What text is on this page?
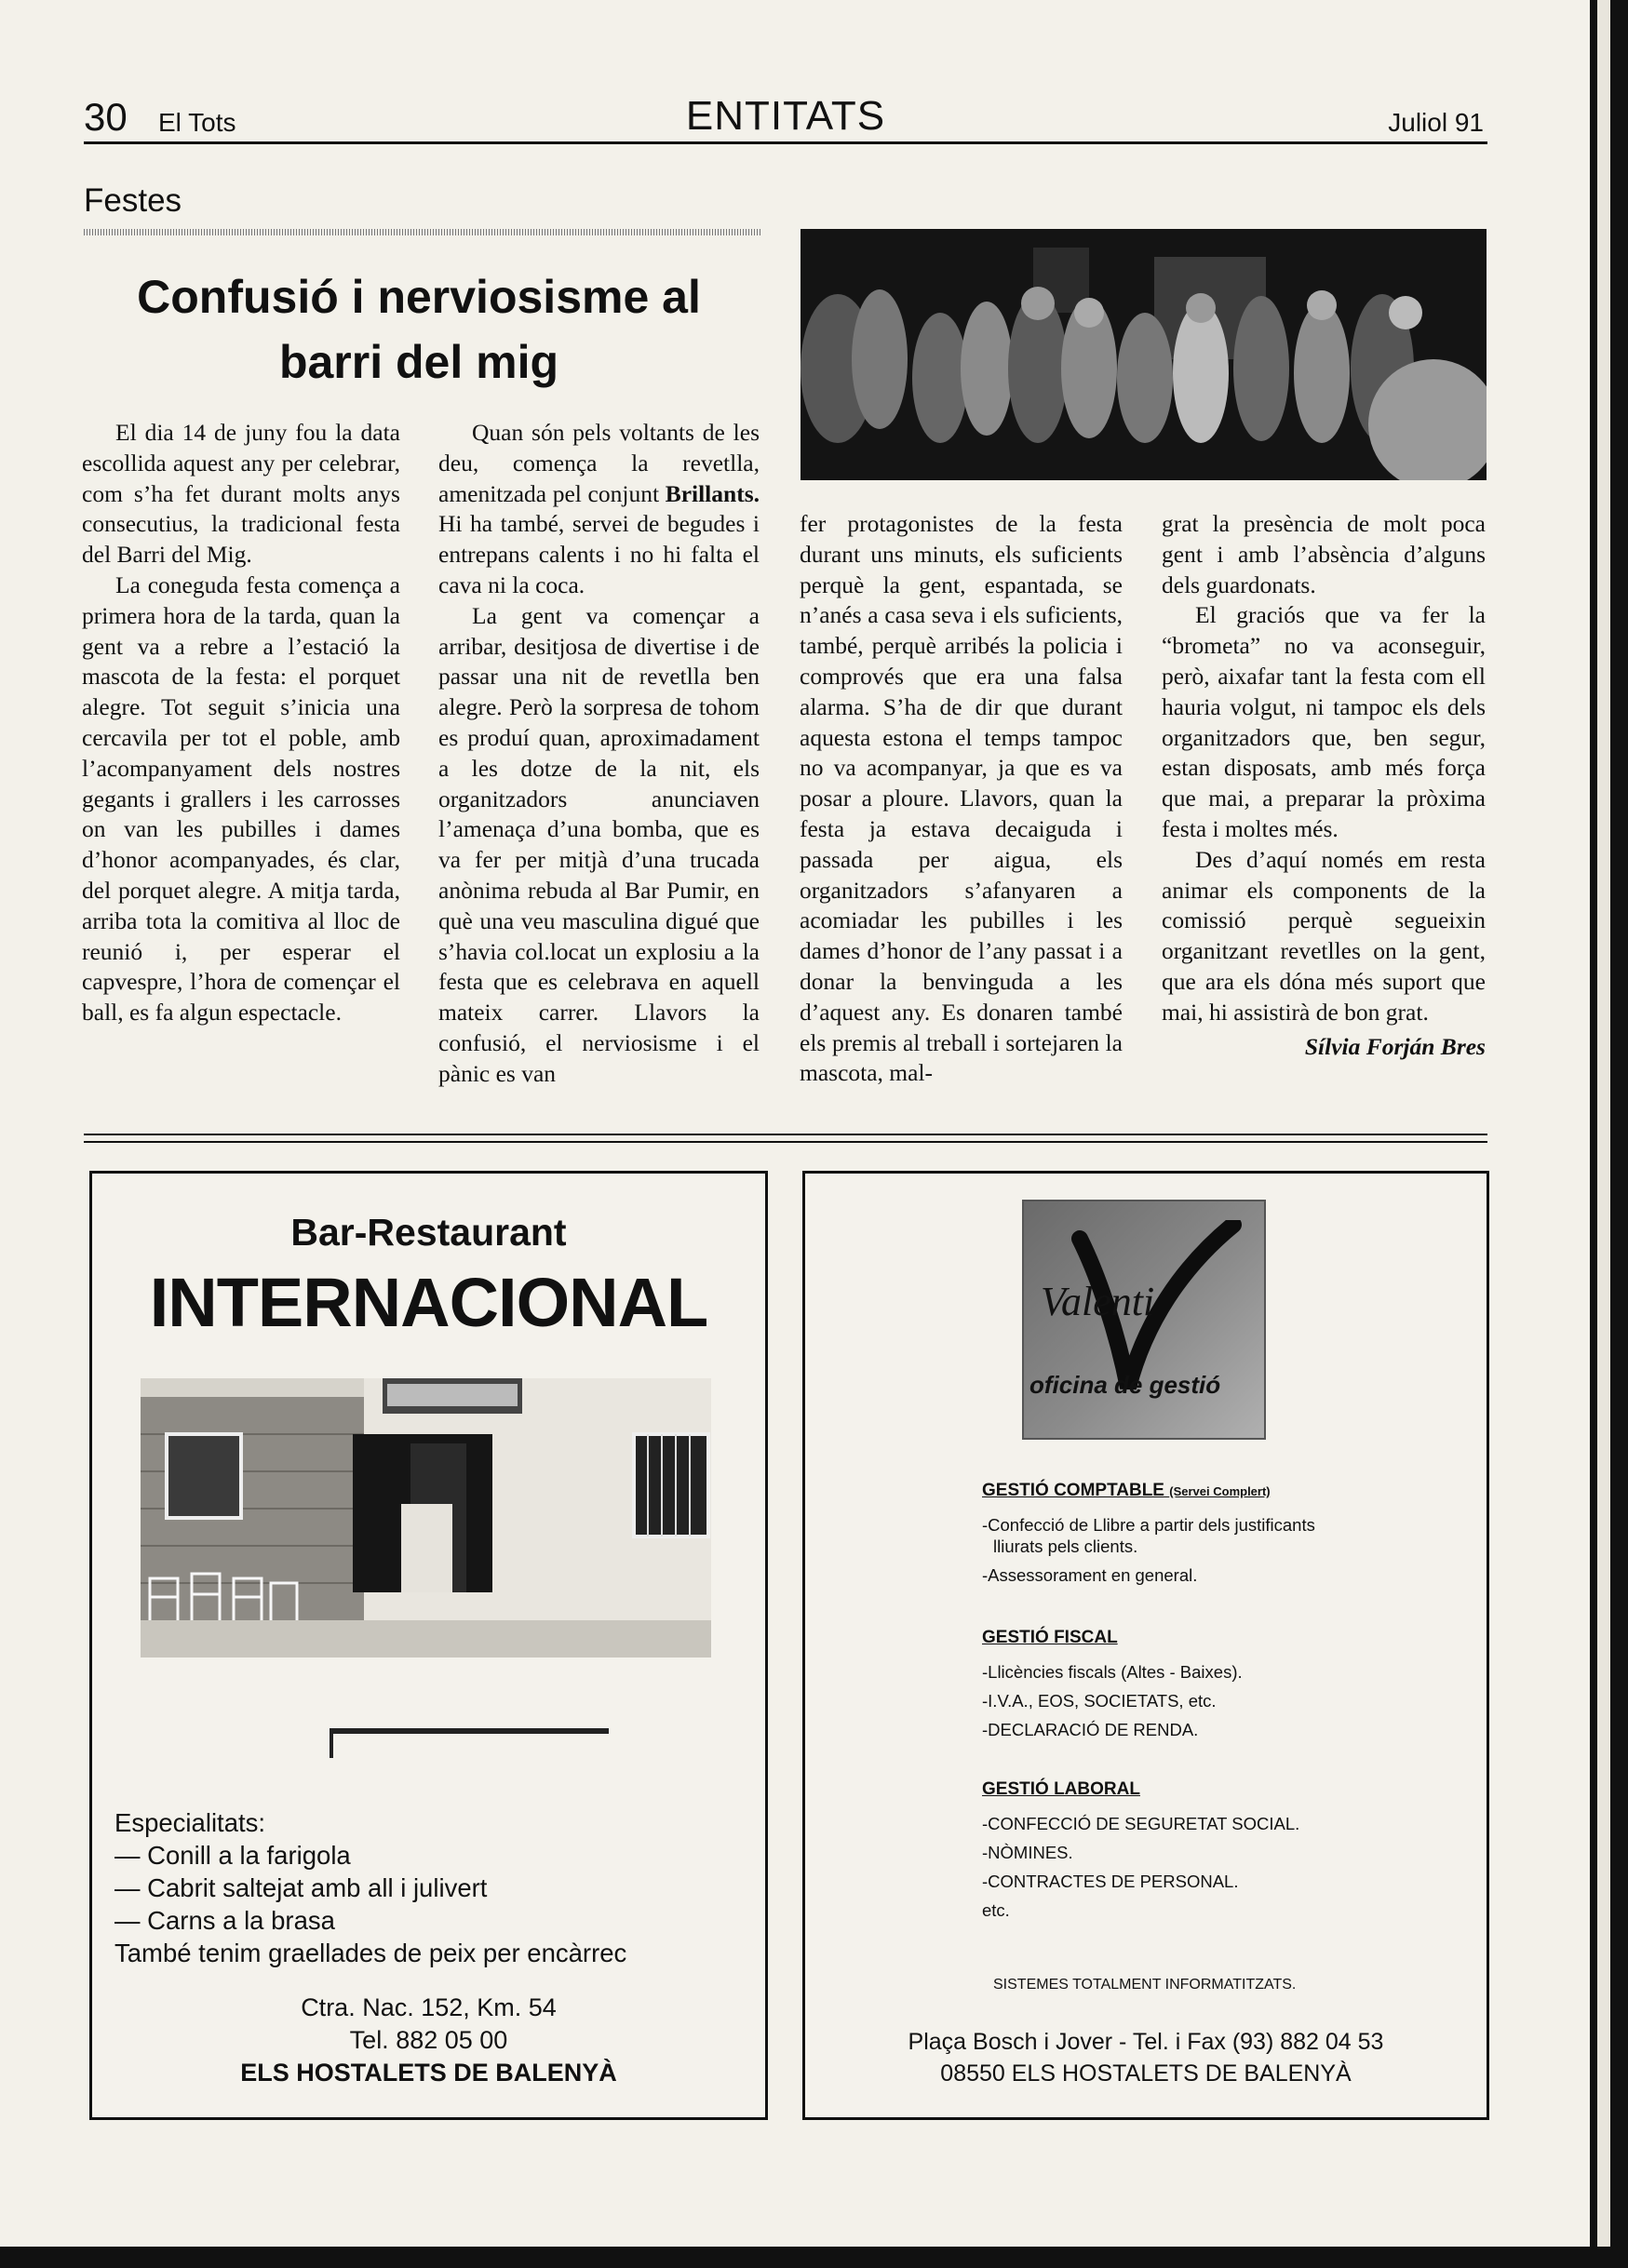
30 El Tots	ENTITATS	Juliol 91
Festes
Confusió i nerviosisme al
barri del mig

El dia 14 de juny fou la data escollida aquest any per celebrar, com s’ha fet durant molts anys consecutius, la tradicional festa del Barri del Mig.

La coneguda festa comença a primera hora de la tarda, quan la gent va a rebre a l’estació la mascota de la festa: el porquet alegre. Tot seguit s’inicia una cercavila per tot el poble, amb l’acompanyament dels nostres gegants i grallers i les carrosses on van les pubilles i dames d’honor acompanyades, és clar, del porquet alegre. A mitja tarda, arriba tota la comitiva al lloc de reunió i, per esperar el capvespre, l’hora de començar el ball, es fa algun espectacle.

Quan són pels voltants de les deu, comença la revetlla, amenitzada pel conjunt Brillants. Hi ha també, servei de begudes i entrepans calents i no hi falta el cava ni la coca.

La gent va començar a arribar, desitjosa de divertise i de passar una nit de revetlla ben alegre. Però la sorpresa de tohom es produí quan, aproximadament a les dotze de la nit, els organitzadors anunciaven l’amenaça d’una bomba, que es va fer per mitjà d’una trucada anònima rebuda al Bar Pumir, en què una veu masculina digué que s’havia col.locat un explosiu a la festa que es celebrava en aquell mateix carrer. Llavors la confusió, el nerviosisme i el pànic es van

fer protagonistes de la festa durant uns minuts, els suficients perquè la gent, espantada, se n’anés a casa seva i els suficients, també, perquè arribés la policia i comprovés que era una falsa alarma. S’ha de dir que durant aquesta estona el temps tampoc no va acompanyar, ja que es va posar a ploure. Llavors, quan la festa ja estava decaiguda i passada per aigua, els organitzadors s’afanyaren a acomiadar les pubilles i les dames d’honor de l’any passat i a donar la benvinguda a les d’aquest any. Es donaren també els premis al treball i sortejaren la mascota, mal-

grat la presència de molt poca gent i amb l’absència d’alguns dels guardonats.

El graciós que va fer la “brometa” no va aconseguir, però, aixafar tant la festa com ell hauria volgut, ni tampoc els dels organitzadors que, ben segur, estan disposats, amb més força que mai, a preparar la pròxima festa i moltes més.

Des d’aquí només em resta animar els components de la comissió perquè segueixin organitzant revetlles on la gent, que ara els dóna més suport que mai, hi assistirà de bon grat.

Sílvia Forján Bres
Bar-Restaurant
INTERNACIONAL
Especialitats:
— Conill a la farigola
— Cabrit saltejat amb all i julivert
— Carns a la brasa
També tenim graellades de peix per encàrrec
Ctra. Nac. 152, Km. 54
Tel. 882 05 00
ELS HOSTALETS DE BALENYÀ
Valenti
oficina de gestió
GESTIÓ COMPTABLE (Servei Complert)
-Confecció de Llibre a partir dels justificants lliurats pels clients.
-Assessorament en general.
GESTIÓ FISCAL
-Llicències fiscals (Altes - Baixes).
-I.V.A., EOS, SOCIETATS, etc.
-DECLARACIÓ DE RENDA.
GESTIÓ LABORAL
-CONFECCIÓ DE SEGURETAT SOCIAL.
-NÒMINES.
-CONTRACTES DE PERSONAL.
etc.
SISTEMES TOTALMENT INFORMATITZATS.
Plaça Bosch i Jover - Tel. i Fax (93) 882 04 53
08550 ELS HOSTALETS DE BALENYÀ
